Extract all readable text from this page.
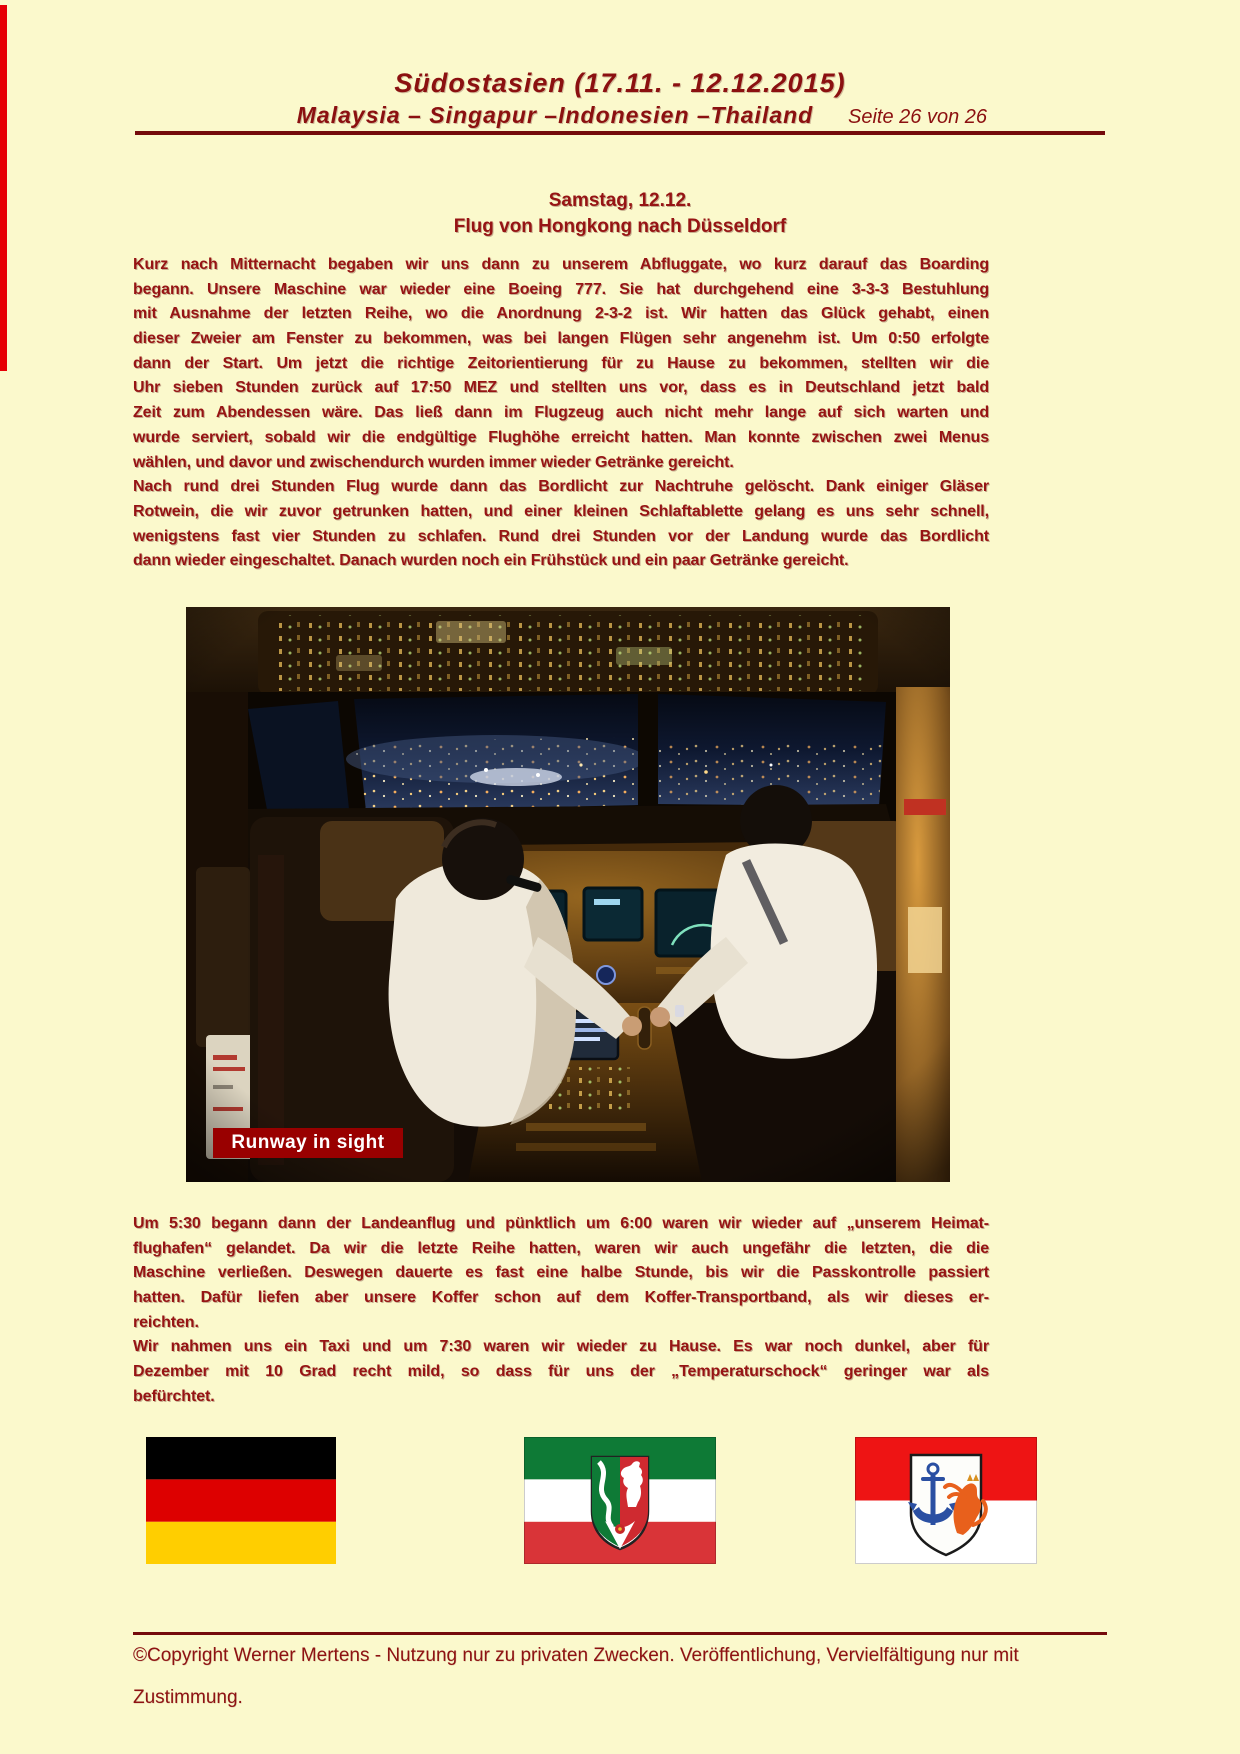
Südostasien (17.11. - 12.12.2015)
Malaysia – Singapur –Indonesien –Thailand	Seite 26 von 26
Samstag, 12.12.
Flug von Hongkong nach Düsseldorf
Kurz nach Mitternacht begaben wir uns dann zu unserem Abfluggate, wo kurz darauf das Boarding
begann. Unsere Maschine war wieder eine Boeing 777. Sie hat durchgehend eine 3-3-3 Bestuhlung
mit Ausnahme der letzten Reihe, wo die Anordnung 2-3-2 ist. Wir hatten das Glück gehabt, einen
dieser Zweier am Fenster zu bekommen, was bei langen Flügen sehr angenehm ist. Um 0:50 erfolgte
dann der Start. Um jetzt die richtige Zeitorientierung für zu Hause zu bekommen, stellten wir die
Uhr sieben Stunden zurück auf 17:50 MEZ und stellten uns vor, dass es in Deutschland jetzt bald
Zeit zum Abendessen wäre. Das ließ dann im Flugzeug auch nicht mehr lange auf sich warten und
wurde serviert, sobald wir die endgültige Flughöhe erreicht hatten. Man konnte zwischen zwei Menus
wählen, und davor und zwischendurch wurden immer wieder Getränke gereicht.
Nach rund drei Stunden Flug wurde dann das Bordlicht zur Nachtruhe gelöscht. Dank einiger Gläser
Rotwein, die wir zuvor getrunken hatten, und einer kleinen Schlaftablette gelang es uns sehr schnell,
wenigstens fast vier Stunden zu schlafen. Rund drei Stunden vor der Landung wurde das Bordlicht
dann wieder eingeschaltet. Danach wurden noch ein Frühstück und ein paar Getränke gereicht.
Runway in sight
Um 5:30 begann dann der Landeanflug und pünktlich um 6:00 waren wir wieder auf „unserem Heimat-
flughafen“ gelandet. Da wir die letzte Reihe hatten, waren wir auch ungefähr die letzten, die die
Maschine verließen. Deswegen dauerte es fast eine halbe Stunde, bis wir die Passkontrolle passiert
hatten. Dafür liefen aber unsere Koffer schon auf dem Koffer-Transportband, als wir dieses er-
reichten.
Wir nahmen uns ein Taxi und um 7:30 waren wir wieder zu Hause. Es war noch dunkel, aber für
Dezember mit 10 Grad recht mild, so dass für uns der „Temperaturschock“ geringer war als
befürchtet.
©Copyright Werner Mertens - Nutzung nur zu privaten Zwecken. Veröffentlichung, Vervielfältigung nur mit
Zustimmung.
